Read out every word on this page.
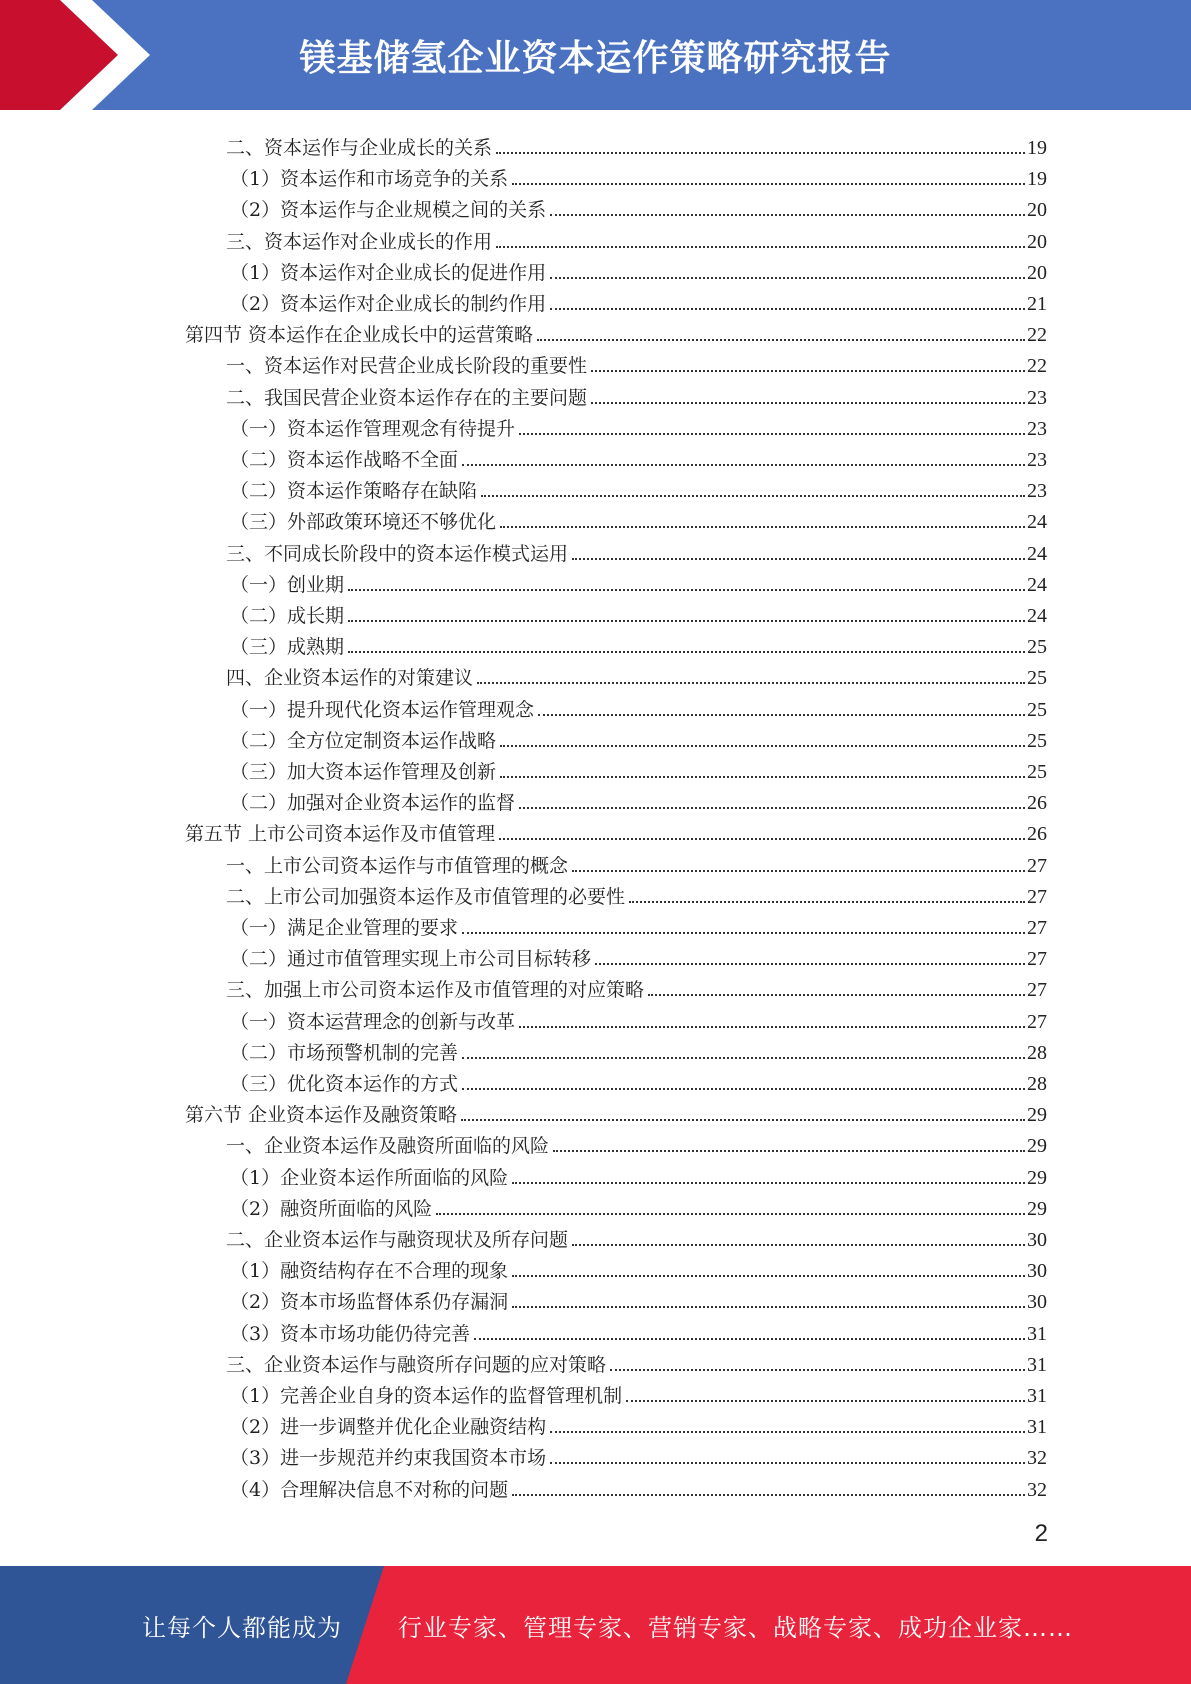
镁基储氢企业资本运作策略研究报告
二、资本运作与企业成长的关系	19
（1）资本运作和市场竞争的关系	19
（2）资本运作与企业规模之间的关系	20
三、资本运作对企业成长的作用	20
（1）资本运作对企业成长的促进作用	20
（2）资本运作对企业成长的制约作用	21
第四节 资本运作在企业成长中的运营策略	22
一、资本运作对民营企业成长阶段的重要性	22
二、我国民营企业资本运作存在的主要问题	23
（一）资本运作管理观念有待提升	23
（二）资本运作战略不全面	23
（二）资本运作策略存在缺陷	23
（三）外部政策环境还不够优化	24
三、不同成长阶段中的资本运作模式运用	24
（一）创业期	24
（二）成长期	24
（三）成熟期	25
四、企业资本运作的对策建议	25
（一）提升现代化资本运作管理观念	25
（二）全方位定制资本运作战略	25
（三）加大资本运作管理及创新	25
（二）加强对企业资本运作的监督	26
第五节 上市公司资本运作及市值管理	26
一、上市公司资本运作与市值管理的概念	27
二、上市公司加强资本运作及市值管理的必要性	27
（一）满足企业管理的要求	27
（二）通过市值管理实现上市公司目标转移	27
三、加强上市公司资本运作及市值管理的对应策略	27
（一）资本运营理念的创新与改革	27
（二）市场预警机制的完善	28
（三）优化资本运作的方式	28
第六节 企业资本运作及融资策略	29
一、企业资本运作及融资所面临的风险	29
（1）企业资本运作所面临的风险	29
（2）融资所面临的风险	29
二、企业资本运作与融资现状及所存问题	30
（1）融资结构存在不合理的现象	30
（2）资本市场监督体系仍存漏洞	30
（3）资本市场功能仍待完善	31
三、企业资本运作与融资所存问题的应对策略	31
（1）完善企业自身的资本运作的监督管理机制	31
（2）进一步调整并优化企业融资结构	31
（3）进一步规范并约束我国资本市场	32
（4）合理解决信息不对称的问题	32
2
让每个人都能成为 行业专家、管理专家、营销专家、战略专家、成功企业家……
